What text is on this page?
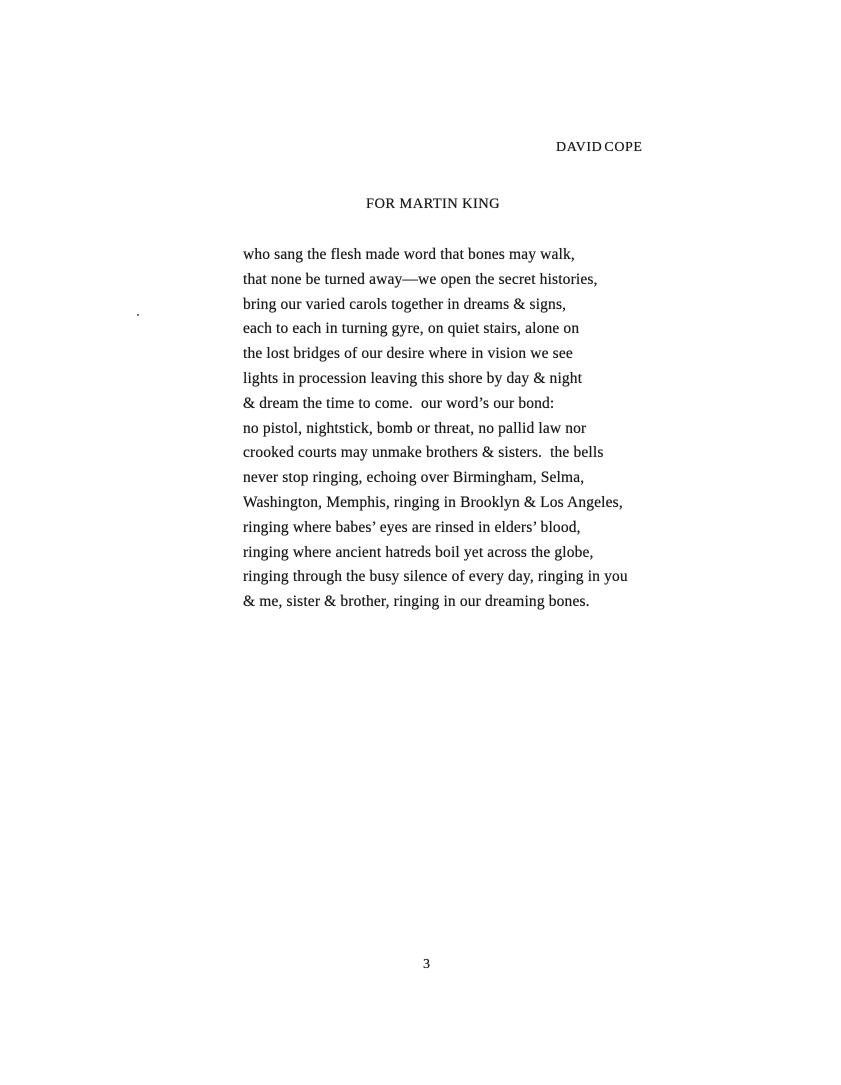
DAVID COPE
FOR MARTIN KING
who sang the flesh made word that bones may walk,
that none be turned away—we open the secret histories,
bring our varied carols together in dreams & signs,
each to each in turning gyre, on quiet stairs, alone on
the lost bridges of our desire where in vision we see
lights in procession leaving this shore by day & night
& dream the time to come.  our word’s our bond:
no pistol, nightstick, bomb or threat, no pallid law nor
crooked courts may unmake brothers & sisters.  the bells
never stop ringing, echoing over Birmingham, Selma,
Washington, Memphis, ringing in Brooklyn & Los Angeles,
ringing where babes’ eyes are rinsed in elders’ blood,
ringing where ancient hatreds boil yet across the globe,
ringing through the busy silence of every day, ringing in you
& me, sister & brother, ringing in our dreaming bones.
3
